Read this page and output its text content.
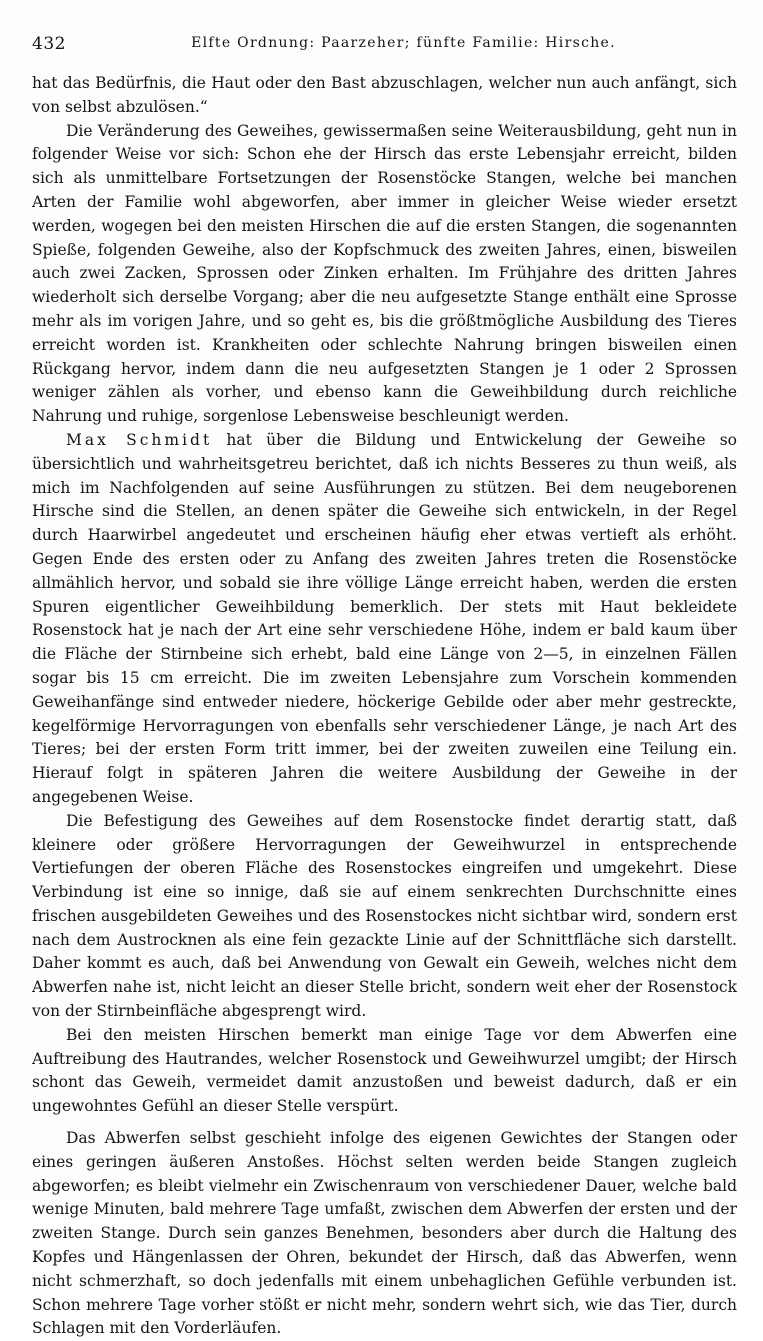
432	Elfte Ordnung: Paarzeher; fünfte Familie: Hirsche.

hat das Bedürfnis, die Haut oder den Bast abzuschlagen, welcher nun auch anfängt, sich von selbst abzulösen.“

Die Veränderung des Geweihes, gewissermaßen seine Weiterausbildung, geht nun in folgender Weise vor sich: Schon ehe der Hirsch das erste Lebensjahr erreicht, bilden sich als unmittelbare Fortsetzungen der Rosenstöcke Stangen, welche bei manchen Arten der Familie wohl abgeworfen, aber immer in gleicher Weise wieder ersetzt werden, wogegen bei den meisten Hirschen die auf die ersten Stangen, die sogenannten Spieße, folgenden Geweihe, also der Kopfschmuck des zweiten Jahres, einen, bisweilen auch zwei Zacken, Sprossen oder Zinken erhalten. Im Frühjahre des dritten Jahres wiederholt sich derselbe Vorgang; aber die neu aufgesetzte Stange enthält eine Sprosse mehr als im vorigen Jahre, und so geht es, bis die größtmögliche Ausbildung des Tieres erreicht worden ist. Krankheiten oder schlechte Nahrung bringen bisweilen einen Rückgang hervor, indem dann die neu aufgesetzten Stangen je 1 oder 2 Sprossen weniger zählen als vorher, und ebenso kann die Geweihbildung durch reichliche Nahrung und ruhige, sorgenlose Lebensweise beschleunigt werden.

Max Schmidt hat über die Bildung und Entwickelung der Geweihe so übersichtlich und wahrheitsgetreu berichtet, daß ich nichts Besseres zu thun weiß, als mich im Nachfolgenden auf seine Ausführungen zu stützen. Bei dem neugeborenen Hirsche sind die Stellen, an denen später die Geweihe sich entwickeln, in der Regel durch Haarwirbel angedeutet und erscheinen häufig eher etwas vertieft als erhöht. Gegen Ende des ersten oder zu Anfang des zweiten Jahres treten die Rosenstöcke allmählich hervor, und sobald sie ihre völlige Länge erreicht haben, werden die ersten Spuren eigentlicher Geweihbildung bemerklich. Der stets mit Haut bekleidete Rosenstock hat je nach der Art eine sehr verschiedene Höhe, indem er bald kaum über die Fläche der Stirnbeine sich erhebt, bald eine Länge von 2—5, in einzelnen Fällen sogar bis 15 cm erreicht. Die im zweiten Lebensjahre zum Vorschein kommenden Geweihanfänge sind entweder niedere, höckerige Gebilde oder aber mehr gestreckte, kegelförmige Hervorragungen von ebenfalls sehr verschiedener Länge, je nach Art des Tieres; bei der ersten Form tritt immer, bei der zweiten zuweilen eine Teilung ein. Hierauf folgt in späteren Jahren die weitere Ausbildung der Geweihe in der angegebenen Weise.

Die Befestigung des Geweihes auf dem Rosenstocke findet derartig statt, daß kleinere oder größere Hervorragungen der Geweihwurzel in entsprechende Vertiefungen der oberen Fläche des Rosenstockes eingreifen und umgekehrt. Diese Verbindung ist eine so innige, daß sie auf einem senkrechten Durchschnitte eines frischen ausgebildeten Geweihes und des Rosenstockes nicht sichtbar wird, sondern erst nach dem Austrocknen als eine fein gezackte Linie auf der Schnittfläche sich darstellt. Daher kommt es auch, daß bei Anwendung von Gewalt ein Geweih, welches nicht dem Abwerfen nahe ist, nicht leicht an dieser Stelle bricht, sondern weit eher der Rosenstock von der Stirnbeinfläche abgesprengt wird.

Bei den meisten Hirschen bemerkt man einige Tage vor dem Abwerfen eine Auftreibung des Hautrandes, welcher Rosenstock und Geweihwurzel umgibt; der Hirsch schont das Geweih, vermeidet damit anzustoßen und beweist dadurch, daß er ein ungewohntes Gefühl an dieser Stelle verspürt.

Das Abwerfen selbst geschieht infolge des eigenen Gewichtes der Stangen oder eines geringen äußeren Anstoßes. Höchst selten werden beide Stangen zugleich abgeworfen; es bleibt vielmehr ein Zwischenraum von verschiedener Dauer, welche bald wenige Minuten, bald mehrere Tage umfaßt, zwischen dem Abwerfen der ersten und der zweiten Stange. Durch sein ganzes Benehmen, besonders aber durch die Haltung des Kopfes und Hängenlassen der Ohren, bekundet der Hirsch, daß das Abwerfen, wenn nicht schmerzhaft, so doch jedenfalls mit einem unbehaglichen Gefühle verbunden ist. Schon mehrere Tage vorher stößt er nicht mehr, sondern wehrt sich, wie das Tier, durch Schlagen mit den Vorderläufen.
